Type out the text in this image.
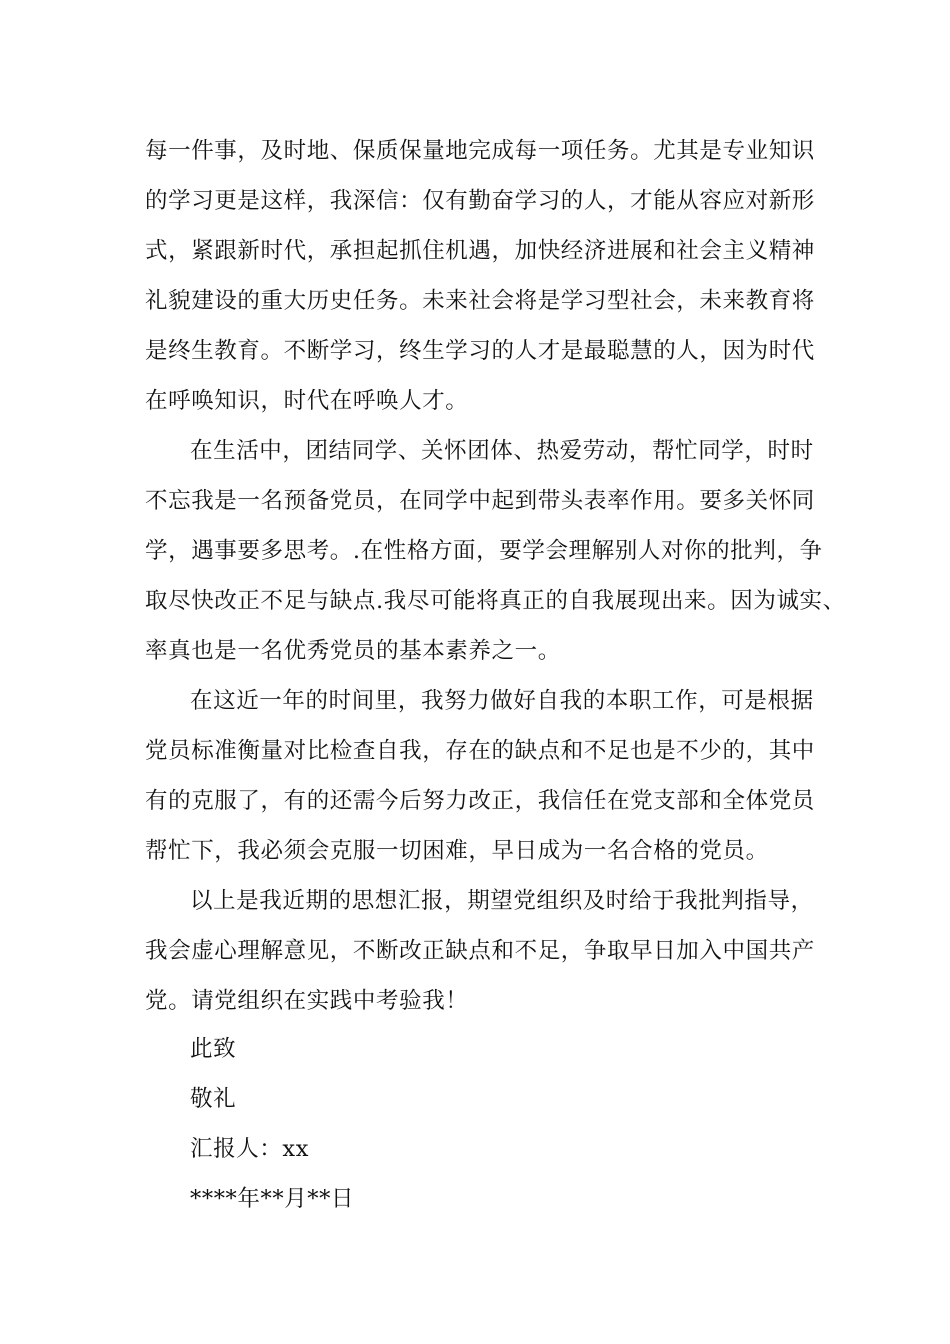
每一件事，及时地、保质保量地完成每一项任务。尤其是专业知识
的学习更是这样，我深信：仅有勤奋学习的人，才能从容应对新形
式，紧跟新时代，承担起抓住机遇，加快经济进展和社会主义精神
礼貌建设的重大历史任务。未来社会将是学习型社会，未来教育将
是终生教育。不断学习，终生学习的人才是最聪慧的人，因为时代
在呼唤知识，时代在呼唤人才。
在生活中，团结同学、关怀团体、热爱劳动，帮忙同学，时时
不忘我是一名预备党员，在同学中起到带头表率作用。要多关怀同
学，遇事要多思考。.在性格方面，要学会理解别人对你的批判，争
取尽快改正不足与缺点.我尽可能将真正的自我展现出来。因为诚实、
率真也是一名优秀党员的基本素养之一。
在这近一年的时间里，我努力做好自我的本职工作，可是根据
党员标准衡量对比检查自我，存在的缺点和不足也是不少的，其中
有的克服了，有的还需今后努力改正，我信任在党支部和全体党员
帮忙下，我必须会克服一切困难，早日成为一名合格的党员。
以上是我近期的思想汇报，期望党组织及时给于我批判指导，
我会虚心理解意见，不断改正缺点和不足，争取早日加入中国共产
党。请党组织在实践中考验我！
此致
敬礼
汇报人：xx
****年**月**日
